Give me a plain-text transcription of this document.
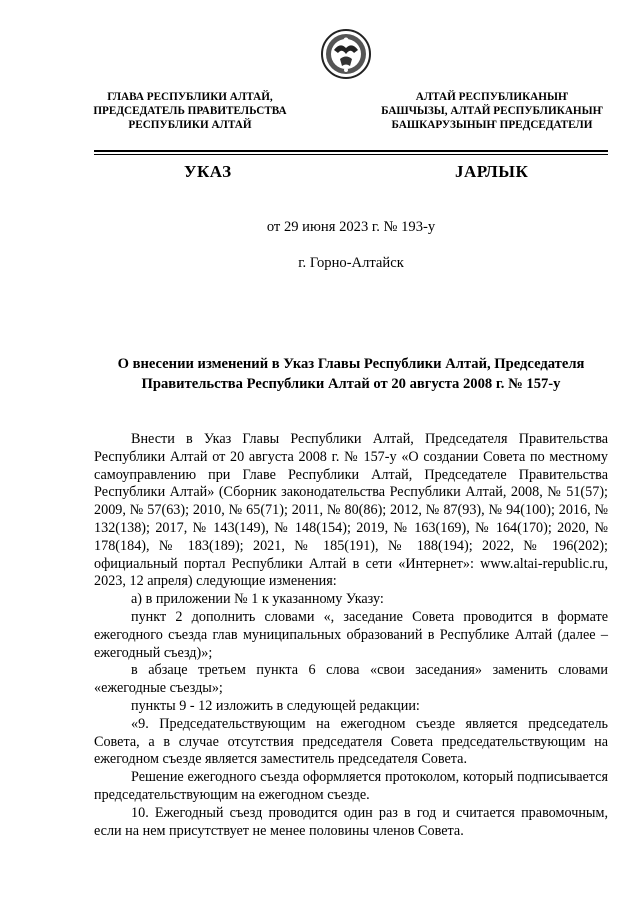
ГЛАВА РЕСПУБЛИКИ АЛТАЙ,
ПРЕДСЕДАТЕЛЬ ПРАВИТЕЛЬСТВА
РЕСПУБЛИКИ АЛТАЙ
АЛТАЙ РЕСПУБЛИКАНЫҤ
БАШЧЫЗЫ, АЛТАЙ РЕСПУБЛИКАНЫҤ
БАШКАРУЗЫНЫҤ ПРЕДСЕДАТЕЛИ
УКАЗ	ЈАРЛЫК
от 29 июня 2023 г. № 193-у
г. Горно-Алтайск
О внесении изменений в Указ Главы Республики Алтай, Председателя
Правительства Республики Алтай от 20 августа 2008 г. № 157-у

Внести в Указ Главы Республики Алтай, Председателя Правительства Республики Алтай от 20 августа 2008 г. № 157-у «О создании Совета по местному самоуправлению при Главе Республики Алтай, Председателе Правительства Республики Алтай» (Сборник законодательства Республики Алтай, 2008, № 51(57); 2009, № 57(63); 2010, № 65(71); 2011, № 80(86); 2012, № 87(93), № 94(100); 2016, № 132(138); 2017, № 143(149), № 148(154); 2019, № 163(169), № 164(170); 2020, № 178(184), № 183(189); 2021, № 185(191), № 188(194); 2022, № 196(202); официальный портал Республики Алтай в сети «Интернет»: www.altai-republic.ru, 2023, 12 апреля) следующие изменения:

а) в приложении № 1 к указанному Указу:

пункт 2 дополнить словами «, заседание Совета проводится в формате ежегодного съезда глав муниципальных образований в Республике Алтай (далее – ежегодный съезд)»;

в абзаце третьем пункта 6 слова «свои заседания» заменить словами «ежегодные съезды»;

пункты 9 - 12 изложить в следующей редакции:

«9. Председательствующим на ежегодном съезде является председатель Совета, а в случае отсутствия председателя Совета председательствующим на ежегодном съезде является заместитель председателя Совета.

Решение ежегодного съезда оформляется протоколом, который подписывается председательствующим на ежегодном съезде.

10. Ежегодный съезд проводится один раз в год и считается правомочным, если на нем присутствует не менее половины членов Совета.
